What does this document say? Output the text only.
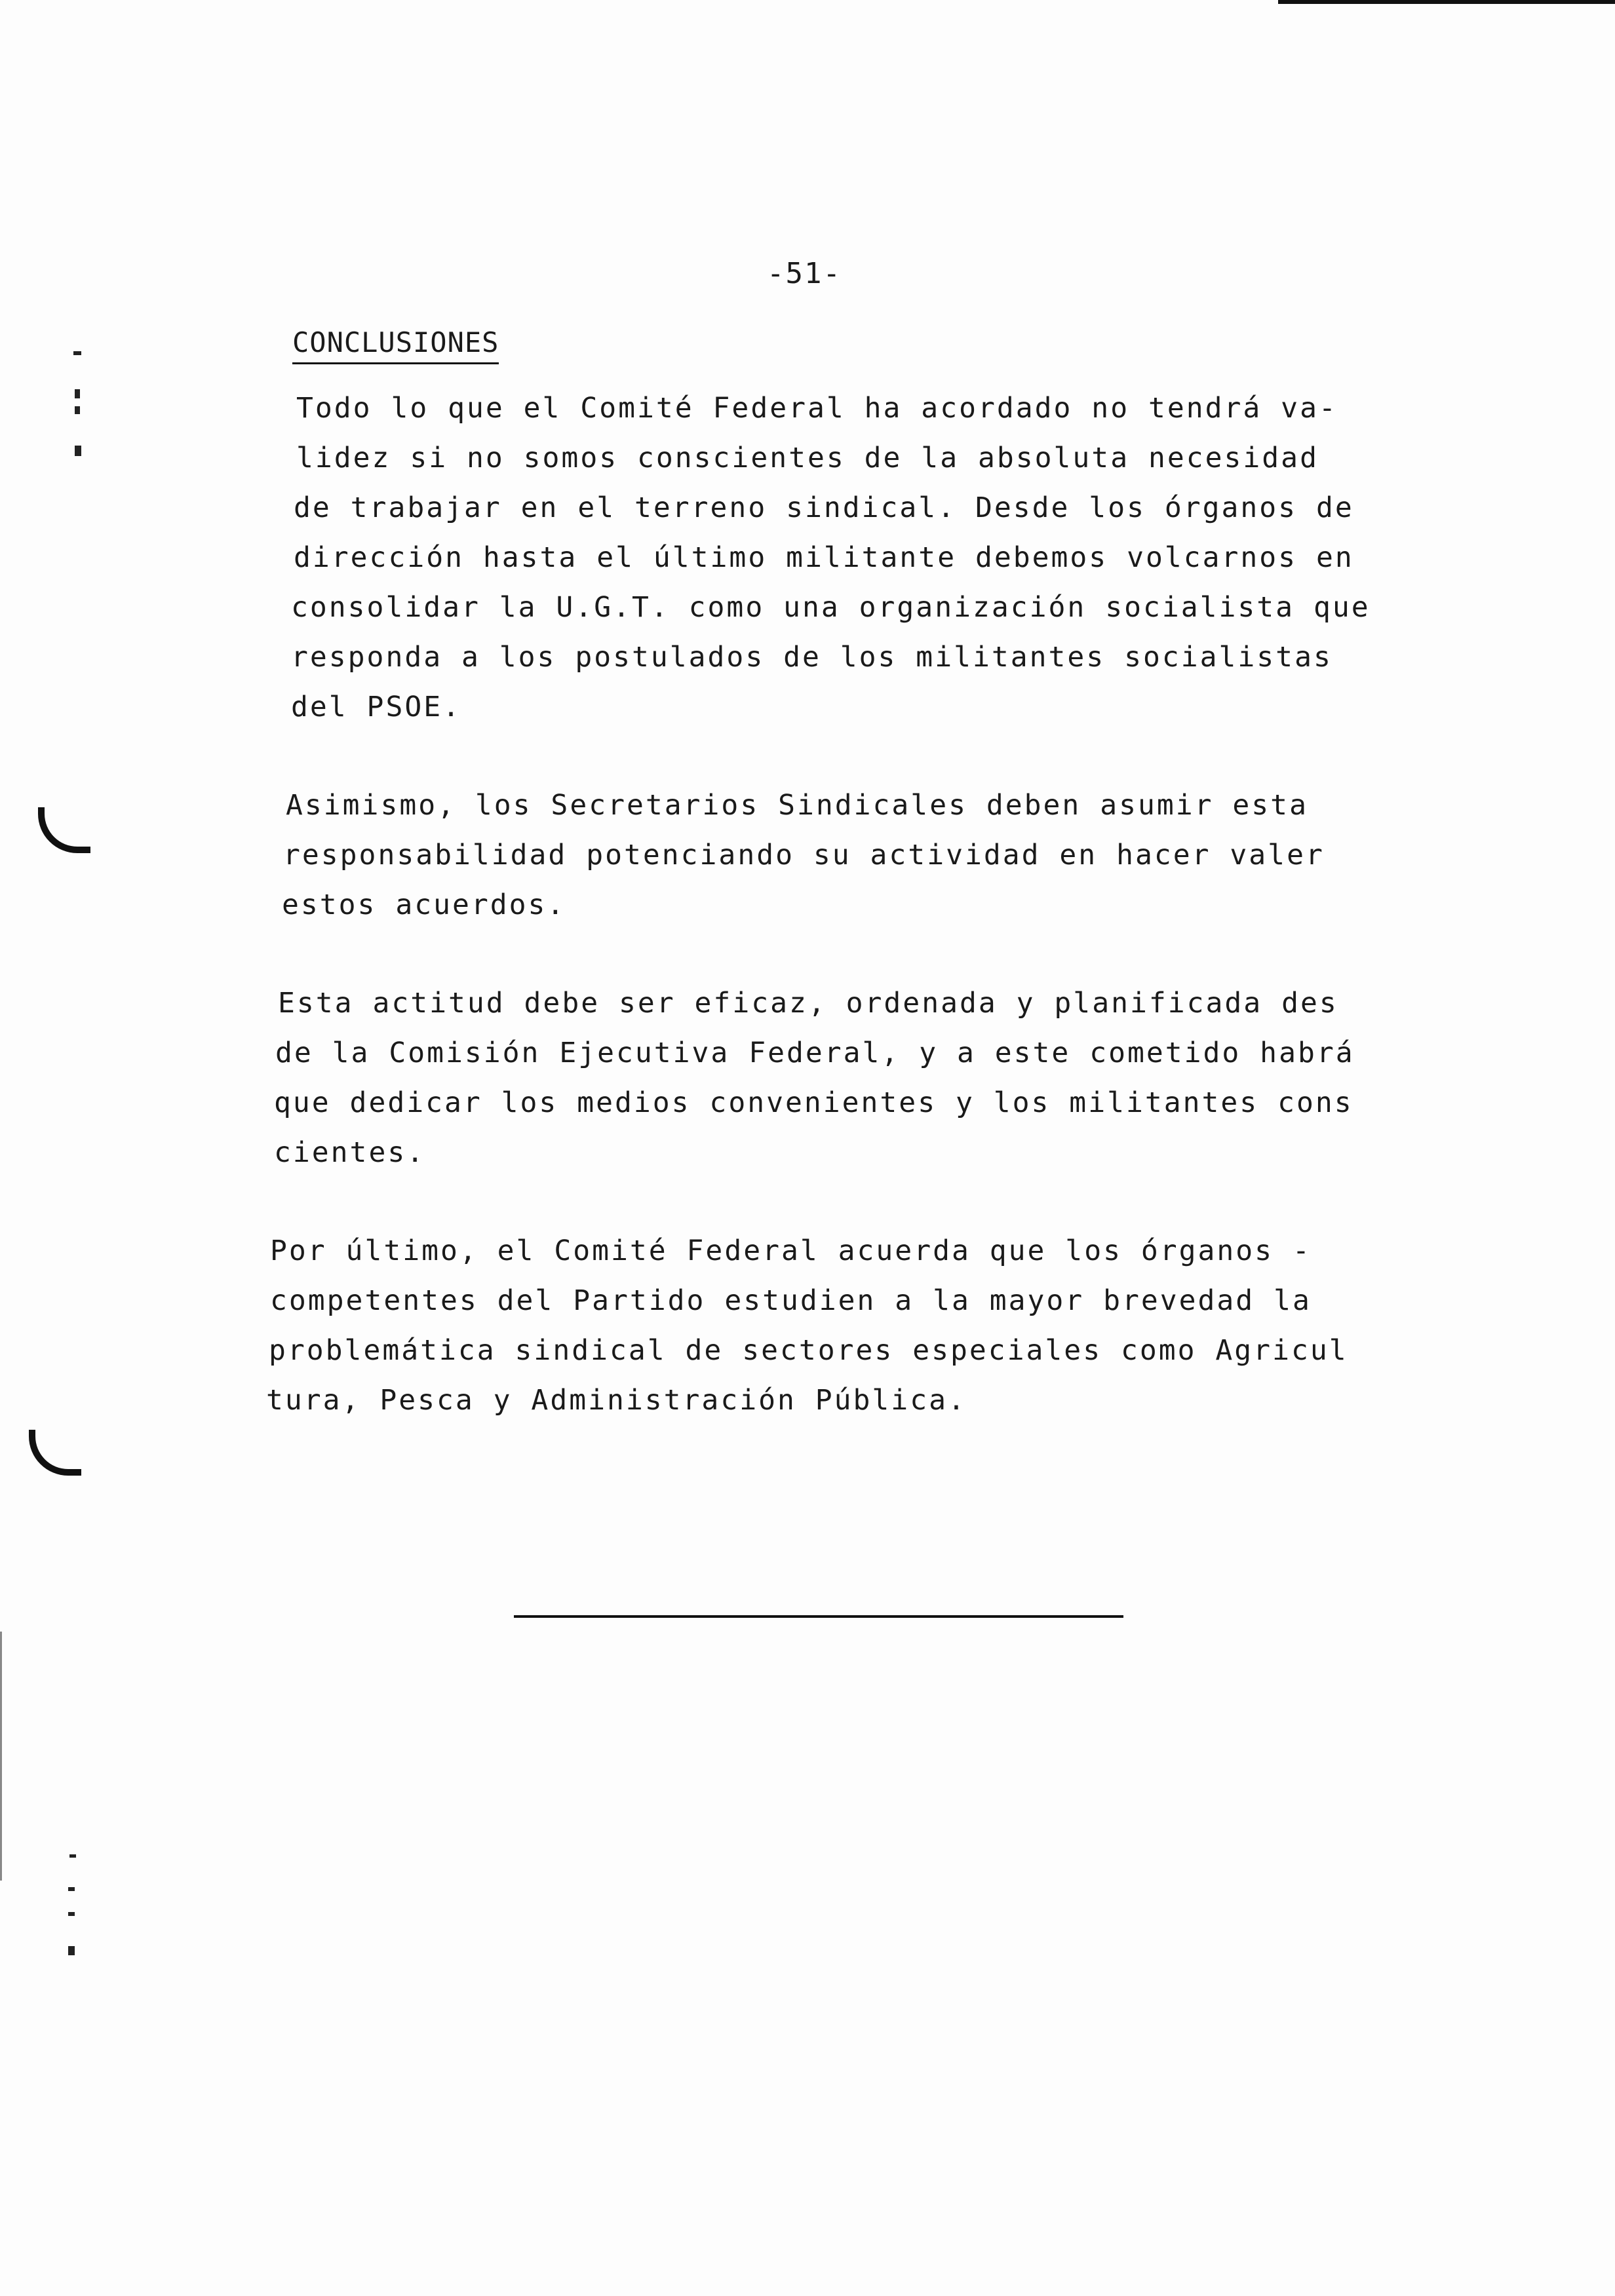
-51-
CONCLUSIONES
Todo lo que el Comité Federal ha acordado no tendrá va-
lidez si no somos conscientes de la absoluta necesidad
de trabajar en el terreno sindical. Desde los órganos de
dirección hasta el último militante debemos volcarnos en
consolidar la U.G.T. como una organización socialista que
responda a los postulados de los militantes socialistas
del PSOE.
Asimismo, los Secretarios Sindicales deben asumir esta
responsabilidad potenciando su actividad en hacer valer
estos acuerdos.
Esta actitud debe ser eficaz, ordenada y planificada des
de la Comisión Ejecutiva Federal, y a este cometido habrá
que dedicar los medios convenientes y los militantes cons
cientes.
Por último, el Comité Federal acuerda que los órganos -
competentes del Partido estudien a la mayor brevedad la
problemática sindical de sectores especiales como Agricul
tura, Pesca y Administración Pública.
